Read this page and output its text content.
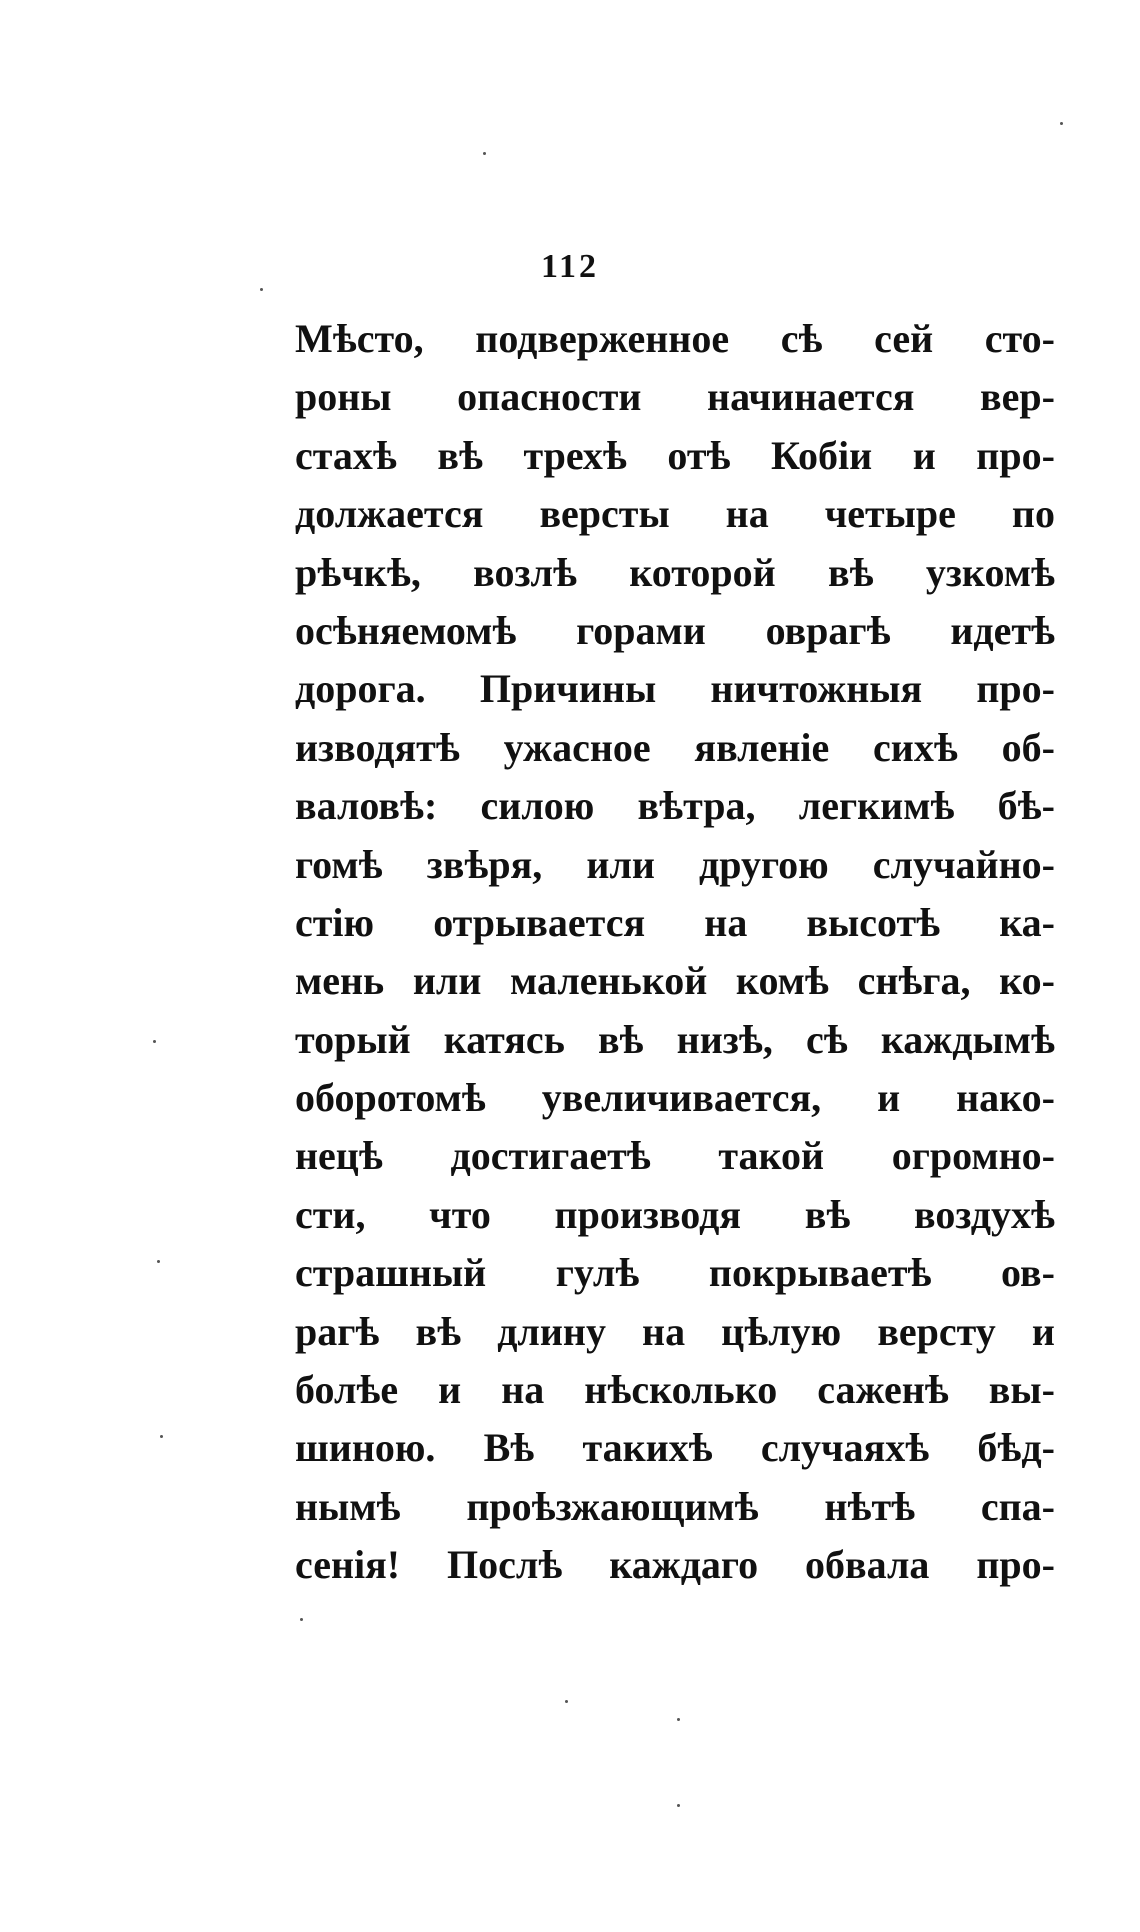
112
Мѣсто, подверженное сѣ сей сто-
роны опасности начинается вер-
стахѣ вѣ трехѣ отѣ Кобіи и про-
должается версты на четыре по
рѣчкѣ, возлѣ которой вѣ узкомѣ
осѣняемомѣ горами оврагѣ идетѣ
дорога. Причины ничтожныя про-
изводятѣ ужасное явленіе сихѣ об-
валовѣ: силою вѣтра, легкимѣ бѣ-
гомѣ звѣря, или другою случайно-
стію отрывается на высотѣ ка-
мень или маленькой комѣ снѣга, ко-
торый катясь вѣ низѣ, сѣ каждымѣ
оборотомѣ увеличивается, и нако-
нецѣ достигаетѣ такой огромно-
сти, что производя вѣ воздухѣ
страшный гулѣ покрываетѣ ов-
рагѣ вѣ длину на цѣлую версту и
болѣе и на нѣсколько саженѣ вы-
шиною. Вѣ такихѣ случаяхѣ бѣд-
нымѣ проѣзжающимѣ нѣтѣ спа-
сенія! Послѣ каждаго обвала про-
